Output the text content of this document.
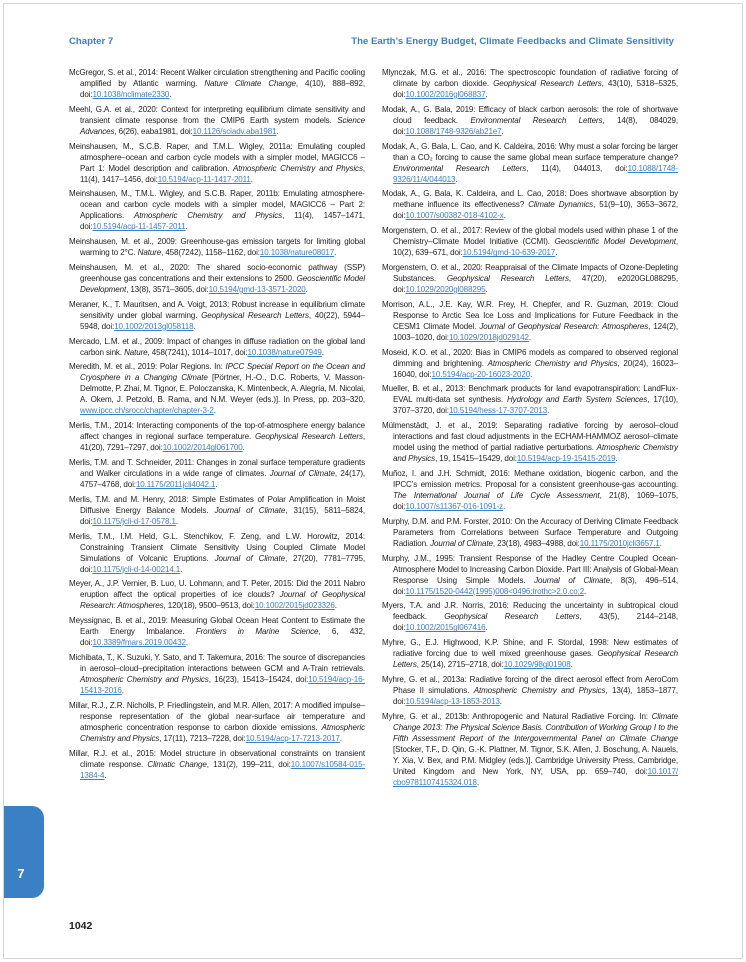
Chapter 7	The Earth’s Energy Budget, Climate Feedbacks and Climate Sensitivity

McGregor, S. et al., 2014: Recent Walker circulation strengthening and Pacific cooling amplified by Atlantic warming. Nature Climate Change, 4(10), 888–892, doi:10.1038/nclimate2330.

Meehl, G.A. et al., 2020: Context for interpreting equilibrium climate sensitivity and transient climate response from the CMIP6 Earth system models. Science Advances, 6(26), eaba1981, doi:10.1126/sciadv.aba1981.

Meinshausen, M., S.C.B. Raper, and T.M.L. Wigley, 2011a: Emulating coupled atmosphere–ocean and carbon cycle models with a simpler model, MAGICC6 – Part 1: Model description and calibration. Atmospheric Chemistry and Physics, 11(4), 1417–1456, doi:10.5194/acp-11-1417-2011.

Meinshausen, M., T.M.L. Wigley, and S.C.B. Raper, 2011b: Emulating atmosphere-ocean and carbon cycle models with a simpler model, MAGICC6 – Part 2: Applications. Atmospheric Chemistry and Physics, 11(4), 1457–1471, doi:10.5194/acp-11-1457-2011.

Meinshausen, M. et al., 2009: Greenhouse-gas emission targets for limiting global warming to 2°C. Nature, 458(7242), 1158–1162, doi:10.1038/nature08017.

Meinshausen, M. et al., 2020: The shared socio-economic pathway (SSP) greenhouse gas concentrations and their extensions to 2500. Geoscientific Model Development, 13(8), 3571–3605, doi:10.5194/gmd-13-3571-2020.

Meraner, K., T. Mauritsen, and A. Voigt, 2013: Robust increase in equilibrium climate sensitivity under global warming. Geophysical Research Letters, 40(22), 5944–5948, doi:10.1002/2013gl058118.

Mercado, L.M. et al., 2009: Impact of changes in diffuse radiation on the global land carbon sink. Nature, 458(7241), 1014–1017, doi:10.1038/nature07949.

Meredith, M. et al., 2019: Polar Regions. In: IPCC Special Report on the Ocean and Cryosphere in a Changing Climate [Pörtner, H.-O., D.C. Roberts, V. Masson-Delmotte, P. Zhai, M. Tignor, E. Poloczanska, K. Mintenbeck, A. Alegría, M. Nicolai, A. Okem, J. Petzold, B. Rama, and N.M. Weyer (eds.)]. In Press, pp. 203–320, www.ipcc.ch/srocc/chapter/chapter-3-2.

Merlis, T.M., 2014: Interacting components of the top-of-atmosphere energy balance affect changes in regional surface temperature. Geophysical Research Letters, 41(20), 7291–7297, doi:10.1002/2014gl061700.

Merlis, T.M. and T. Schneider, 2011: Changes in zonal surface temperature gradients and Walker circulations in a wide range of climates. Journal of Climate, 24(17), 4757–4768, doi:10.1175/2011jcli4042.1.

Merlis, T.M. and M. Henry, 2018: Simple Estimates of Polar Amplification in Moist Diffusive Energy Balance Models. Journal of Climate, 31(15), 5811–5824, doi:10.1175/jcli-d-17-0578.1.

Merlis, T.M., I.M. Held, G.L. Stenchikov, F. Zeng, and L.W. Horowitz, 2014: Constraining Transient Climate Sensitivity Using Coupled Climate Model Simulations of Volcanic Eruptions. Journal of Climate, 27(20), 7781–7795, doi:10.1175/jcli-d-14-00214.1.

Meyer, A., J.P. Vernier, B. Luo, U. Lohmann, and T. Peter, 2015: Did the 2011 Nabro eruption affect the optical properties of ice clouds? Journal of Geophysical Research: Atmospheres, 120(18), 9500–9513, doi:10.1002/2015jd023326.

Meyssignac, B. et al., 2019: Measuring Global Ocean Heat Content to Estimate the Earth Energy Imbalance. Frontiers in Marine Science, 6, 432, doi:10.3389/fmars.2019.00432.

Michibata, T., K. Suzuki, Y. Sato, and T. Takemura, 2016: The source of discrepancies in aerosol–cloud–precipitation interactions between GCM and A-Train retrievals. Atmospheric Chemistry and Physics, 16(23), 15413–15424, doi:10.5194/acp-16-15413-2016.

Millar, R.J., Z.R. Nicholls, P. Friedlingstein, and M.R. Allen, 2017: A modified impulse–response representation of the global near-surface air temperature and atmospheric concentration response to carbon dioxide emissions. Atmospheric Chemistry and Physics, 17(11), 7213–7228, doi:10.5194/acp-17-7213-2017.

Millar, R.J. et al., 2015: Model structure in observational constraints on transient climate response. Climatic Change, 131(2), 199–211, doi:10.1007/s10584-015-1384-4.

Mlynczak, M.G. et al., 2016: The spectroscopic foundation of radiative forcing of climate by carbon dioxide. Geophysical Research Letters, 43(10), 5318–5325, doi:10.1002/2016gl068837.

Modak, A., G. Bala, 2019: Efficacy of black carbon aerosols: the role of shortwave cloud feedback. Environmental Research Letters, 14(8), 084029, doi:10.1088/1748-9326/ab21e7.

Modak, A., G. Bala, L. Cao, and K. Caldeira, 2016: Why must a solar forcing be larger than a CO₂ forcing to cause the same global mean surface temperature change? Environmental Research Letters, 11(4), 044013, doi:10.1088/1748-9326/11/4/044013.

Modak, A., G. Bala, K. Caldeira, and L. Cao, 2018: Does shortwave absorption by methane influence its effectiveness? Climate Dynamics, 51(9–10), 3653–3672, doi:10.1007/s00382-018-4102-x.

Morgenstern, O. et al., 2017: Review of the global models used within phase 1 of the Chemistry–Climate Model Initiative (CCMI). Geoscientific Model Development, 10(2), 639–671, doi:10.5194/gmd-10-639-2017.

Morgenstern, O. et al., 2020: Reappraisal of the Climate Impacts of Ozone-Depleting Substances. Geophysical Research Letters, 47(20), e2020GL088295, doi:10.1029/2020gl088295.

Morrison, A.L., J.E. Kay, W.R. Frey, H. Chepfer, and R. Guzman, 2019: Cloud Response to Arctic Sea Ice Loss and Implications for Future Feedback in the CESM1 Climate Model. Journal of Geophysical Research: Atmospheres, 124(2), 1003–1020, doi:10.1029/2018jd029142.

Moseid, K.O. et al., 2020: Bias in CMIP6 models as compared to observed regional dimming and brightening. Atmospheric Chemistry and Physics, 20(24), 16023–16040, doi:10.5194/acp-20-16023-2020.

Mueller, B. et al., 2013: Benchmark products for land evapotranspiration: LandFlux-EVAL multi-data set synthesis. Hydrology and Earth System Sciences, 17(10), 3707–3720, doi:10.5194/hess-17-3707-2013.

Mülmenstädt, J. et al., 2019: Separating radiative forcing by aerosol–cloud interactions and fast cloud adjustments in the ECHAM-HAMMOZ aerosol–climate model using the method of partial radiative perturbations. Atmospheric Chemistry and Physics, 19, 15415–15429, doi:10.5194/acp-19-15415-2019.

Muñoz, I. and J.H. Schmidt, 2016: Methane oxidation, biogenic carbon, and the IPCC’s emission metrics. Proposal for a consistent greenhouse-gas accounting. The International Journal of Life Cycle Assessment, 21(8), 1069–1075, doi:10.1007/s11367-016-1091-z.

Murphy, D.M. and P.M. Forster, 2010: On the Accuracy of Deriving Climate Feedback Parameters from Correlations between Surface Temperature and Outgoing Radiation. Journal of Climate, 23(18), 4983–4988, doi:10.1175/2010jcli3657.1.

Murphy, J.M., 1995: Transient Response of the Hadley Centre Coupled Ocean-Atmosphere Model to Increasing Carbon Dioxide. Part III: Analysis of Global-Mean Response Using Simple Models. Journal of Climate, 8(3), 496–514, doi:10.1175/1520-0442(1995)008<0496:trothc>2.0.co;2.

Myers, T.A. and J.R. Norris, 2016: Reducing the uncertainty in subtropical cloud feedback. Geophysical Research Letters, 43(5), 2144–2148, doi:10.1002/2015gl067416.

Myhre, G., E.J. Highwood, K.P. Shine, and F. Stordal, 1998: New estimates of radiative forcing due to well mixed greenhouse gases. Geophysical Research Letters, 25(14), 2715–2718, doi:10.1029/98gl01908.

Myhre, G. et al., 2013a: Radiative forcing of the direct aerosol effect from AeroCom Phase II simulations. Atmospheric Chemistry and Physics, 13(4), 1853–1877, doi:10.5194/acp-13-1853-2013.

Myhre, G. et al., 2013b: Anthropogenic and Natural Radiative Forcing. In: Climate Change 2013: The Physical Science Basis. Contribution of Working Group I to the Fifth Assessment Report of the Intergovernmental Panel on Climate Change [Stocker, T.F., D. Qin, G.-K. Plattner, M. Tignor, S.K. Allen, J. Boschung, A. Nauels, Y. Xia, V. Bex, and P.M. Midgley (eds.)]. Cambridge University Press, Cambridge, United Kingdom and New York, NY, USA, pp. 659–740, doi:10.1017/ cbo9781107415324.018.

7
1042
